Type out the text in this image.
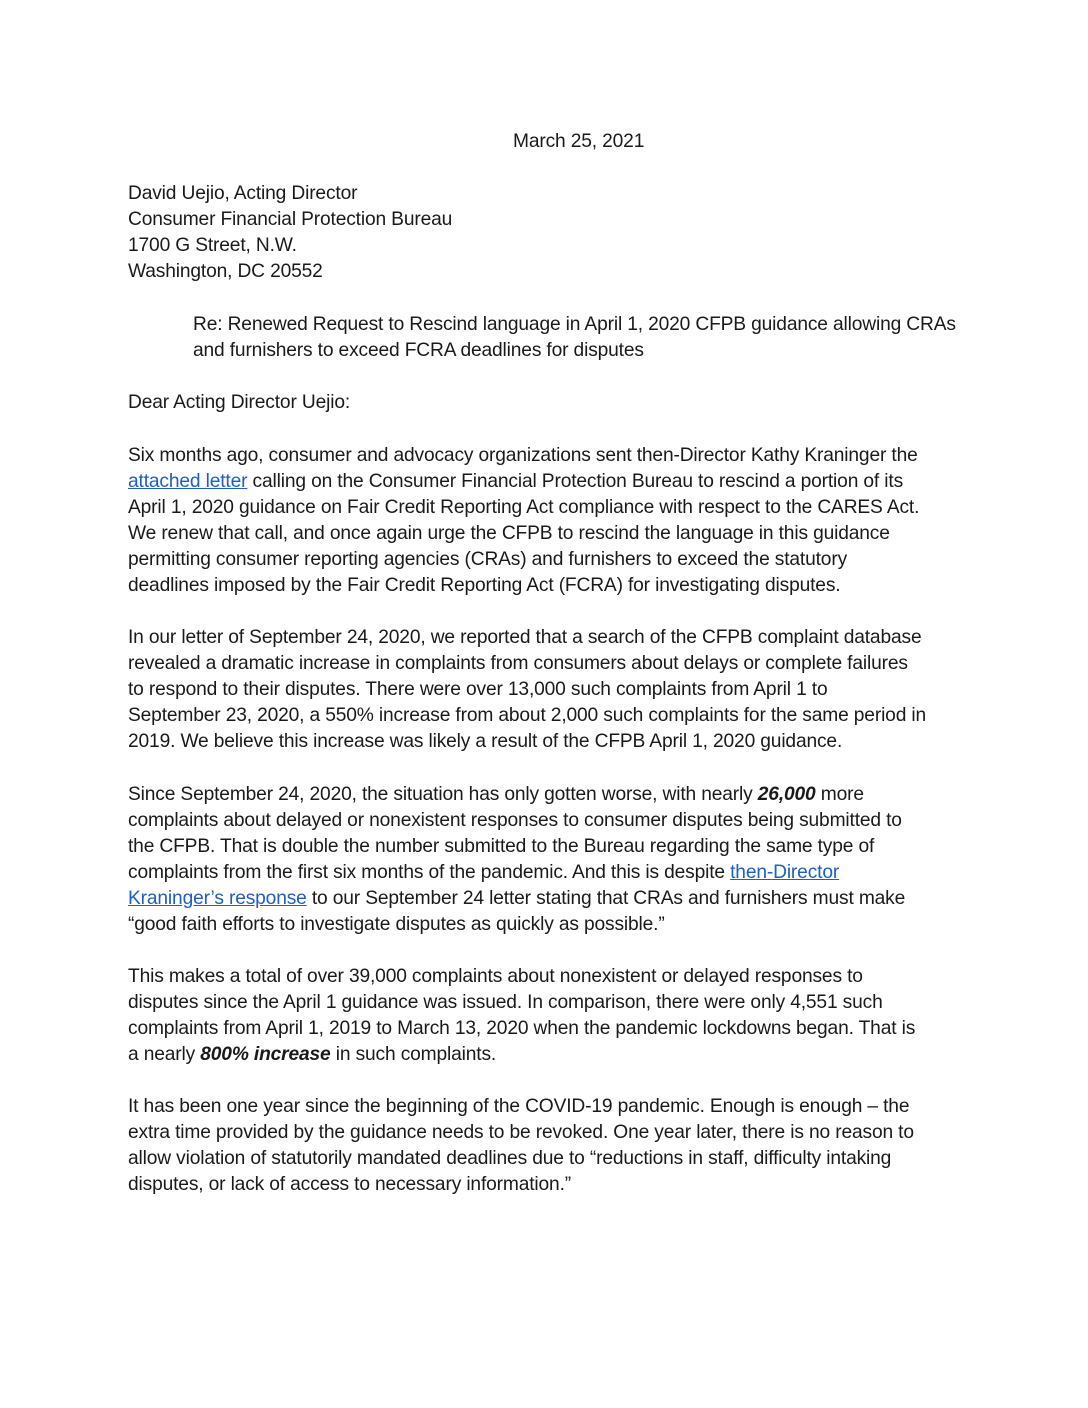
March 25, 2021
David Uejio, Acting Director
Consumer Financial Protection Bureau
1700 G Street, N.W.
Washington, DC 20552
Re: Renewed Request to Rescind language in April 1, 2020 CFPB guidance allowing CRAs
and furnishers to exceed FCRA deadlines for disputes
Dear Acting Director Uejio:
Six months ago, consumer and advocacy organizations sent then-Director Kathy Kraninger the
attached letter calling on the Consumer Financial Protection Bureau to rescind a portion of its
April 1, 2020 guidance on Fair Credit Reporting Act compliance with respect to the CARES Act.
We renew that call, and once again urge the CFPB to rescind the language in this guidance
permitting consumer reporting agencies (CRAs) and furnishers to exceed the statutory
deadlines imposed by the Fair Credit Reporting Act (FCRA) for investigating disputes.
In our letter of September 24, 2020, we reported that a search of the CFPB complaint database
revealed a dramatic increase in complaints from consumers about delays or complete failures
to respond to their disputes. There were over 13,000 such complaints from April 1 to
September 23, 2020, a 550% increase from about 2,000 such complaints for the same period in
2019. We believe this increase was likely a result of the CFPB April 1, 2020 guidance.
Since September 24, 2020, the situation has only gotten worse, with nearly 26,000 more
complaints about delayed or nonexistent responses to consumer disputes being submitted to
the CFPB. That is double the number submitted to the Bureau regarding the same type of
complaints from the first six months of the pandemic. And this is despite then-Director
Kraninger’s response to our September 24 letter stating that CRAs and furnishers must make
“good faith efforts to investigate disputes as quickly as possible.”
This makes a total of over 39,000 complaints about nonexistent or delayed responses to
disputes since the April 1 guidance was issued. In comparison, there were only 4,551 such
complaints from April 1, 2019 to March 13, 2020 when the pandemic lockdowns began. That is
a nearly 800% increase in such complaints.
It has been one year since the beginning of the COVID-19 pandemic. Enough is enough – the
extra time provided by the guidance needs to be revoked. One year later, there is no reason to
allow violation of statutorily mandated deadlines due to “reductions in staff, difficulty intaking
disputes, or lack of access to necessary information.”
